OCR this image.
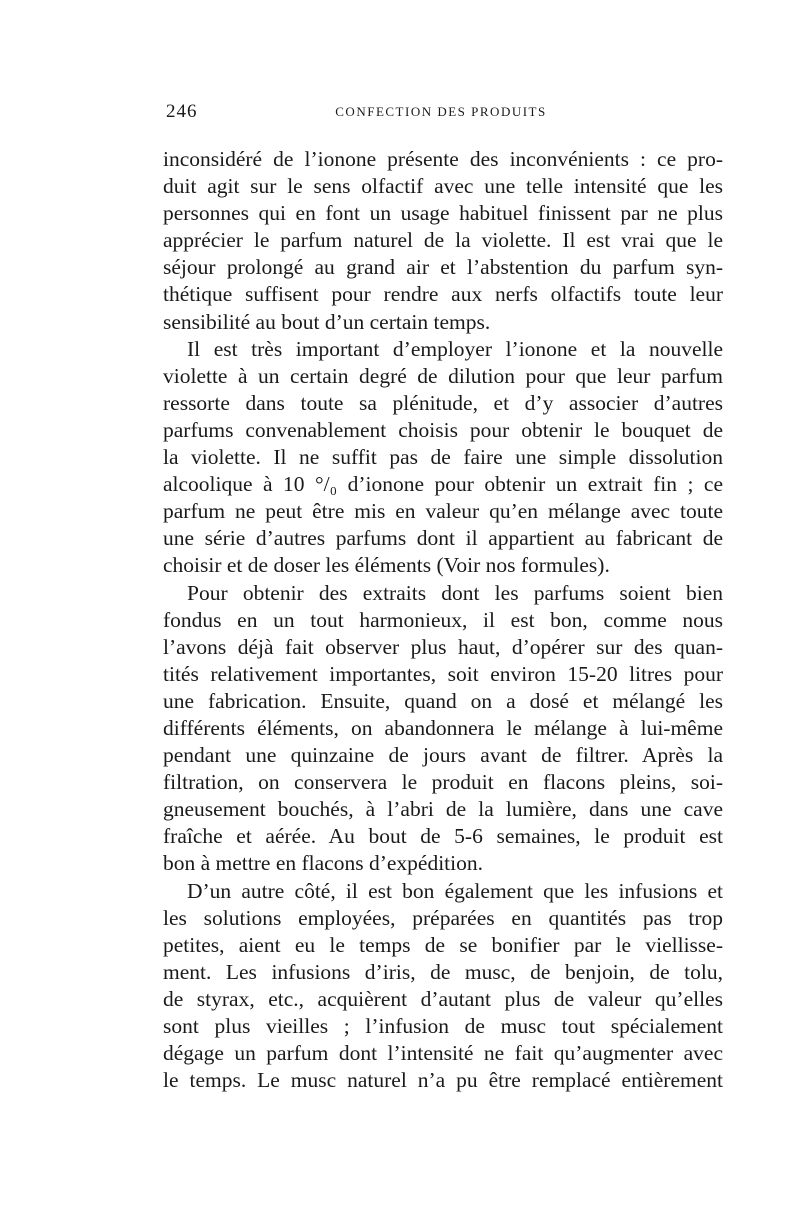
246	CONFECTION DES PRODUITS
inconsidéré de l’ionone présente des inconvénients : ce pro-
duit agit sur le sens olfactif avec une telle intensité que les
personnes qui en font un usage habituel finissent par ne plus
apprécier le parfum naturel de la violette. Il est vrai que le
séjour prolongé au grand air et l’abstention du parfum syn-
thétique suffisent pour rendre aux nerfs olfactifs toute leur
sensibilité au bout d’un certain temps.
Il est très important d’employer l’ionone et la nouvelle
violette à un certain degré de dilution pour que leur parfum
ressorte dans toute sa plénitude, et d’y associer d’autres
parfums convenablement choisis pour obtenir le bouquet de
la violette. Il ne suffit pas de faire une simple dissolution
alcoolique à 10 °/₀ d’ionone pour obtenir un extrait fin ; ce
parfum ne peut être mis en valeur qu’en mélange avec toute
une série d’autres parfums dont il appartient au fabricant de
choisir et de doser les éléments (Voir nos formules).
Pour obtenir des extraits dont les parfums soient bien
fondus en un tout harmonieux, il est bon, comme nous
l’avons déjà fait observer plus haut, d’opérer sur des quan-
tités relativement importantes, soit environ 15-20 litres pour
une fabrication. Ensuite, quand on a dosé et mélangé les
différents éléments, on abandonnera le mélange à lui-même
pendant une quinzaine de jours avant de filtrer. Après la
filtration, on conservera le produit en flacons pleins, soi-
gneusement bouchés, à l’abri de la lumière, dans une cave
fraîche et aérée. Au bout de 5-6 semaines, le produit est
bon à mettre en flacons d’expédition.
D’un autre côté, il est bon également que les infusions et
les solutions employées, préparées en quantités pas trop
petites, aient eu le temps de se bonifier par le viellisse-
ment. Les infusions d’iris, de musc, de benjoin, de tolu,
de styrax, etc., acquièrent d’autant plus de valeur qu’elles
sont plus vieilles ; l’infusion de musc tout spécialement
dégage un parfum dont l’intensité ne fait qu’augmenter avec
le temps. Le musc naturel n’a pu être remplacé entièrement
